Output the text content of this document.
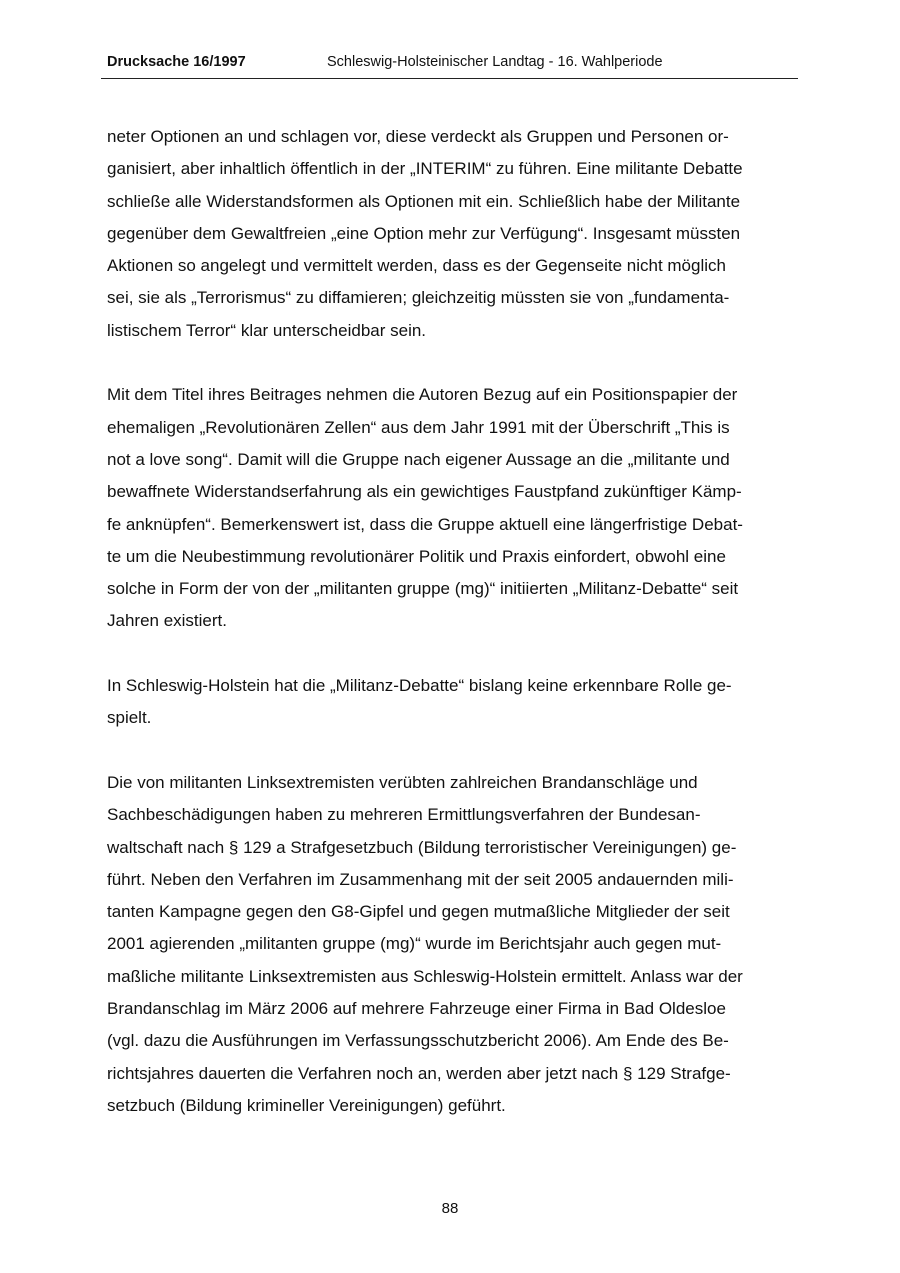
Drucksache 16/1997	Schleswig-Holsteinischer Landtag - 16. Wahlperiode
neter Optionen an und schlagen vor, diese verdeckt als Gruppen und Personen or-
ganisiert, aber inhaltlich öffentlich in der „INTERIM“ zu führen. Eine militante Debatte
schließe alle Widerstandsformen als Optionen mit ein. Schließlich habe der Militante
gegenüber dem Gewaltfreien „eine Option mehr zur Verfügung“. Insgesamt müssten
Aktionen so angelegt und vermittelt werden, dass es der Gegenseite nicht möglich
sei, sie als „Terrorismus“ zu diffamieren; gleichzeitig müssten sie von „fundamenta-
listischem Terror“ klar unterscheidbar sein.
Mit dem Titel ihres Beitrages nehmen die Autoren Bezug auf ein Positionspapier der
ehemaligen „Revolutionären Zellen“ aus dem Jahr 1991 mit der Überschrift „This is
not a love song“. Damit will die Gruppe nach eigener Aussage an die „militante und
bewaffnete Widerstandserfahrung als ein gewichtiges Faustpfand zukünftiger Kämp-
fe anknüpfen“. Bemerkenswert ist, dass die Gruppe aktuell eine längerfristige Debat-
te um die Neubestimmung revolutionärer Politik und Praxis einfordert, obwohl eine
solche in Form der von der „militanten gruppe (mg)“ initiierten „Militanz-Debatte“ seit
Jahren existiert.
In Schleswig-Holstein hat die „Militanz-Debatte“ bislang keine erkennbare Rolle ge-
spielt.
Die von militanten Linksextremisten verübten zahlreichen Brandanschläge und
Sachbeschädigungen haben zu mehreren Ermittlungsverfahren der Bundesan-
waltschaft nach § 129 a Strafgesetzbuch (Bildung terroristischer Vereinigungen) ge-
führt. Neben den Verfahren im Zusammenhang mit der seit 2005 andauernden mili-
tanten Kampagne gegen den G8-Gipfel und gegen mutmaßliche Mitglieder der seit
2001 agierenden „militanten gruppe (mg)“ wurde im Berichtsjahr auch gegen mut-
maßliche militante Linksextremisten aus Schleswig-Holstein ermittelt. Anlass war der
Brandanschlag im März 2006 auf mehrere Fahrzeuge einer Firma in Bad Oldesloe
(vgl. dazu die Ausführungen im Verfassungsschutzbericht 2006). Am Ende des Be-
richtsjahres dauerten die Verfahren noch an, werden aber jetzt nach § 129 Strafge-
setzbuch (Bildung krimineller Vereinigungen) geführt.
88
